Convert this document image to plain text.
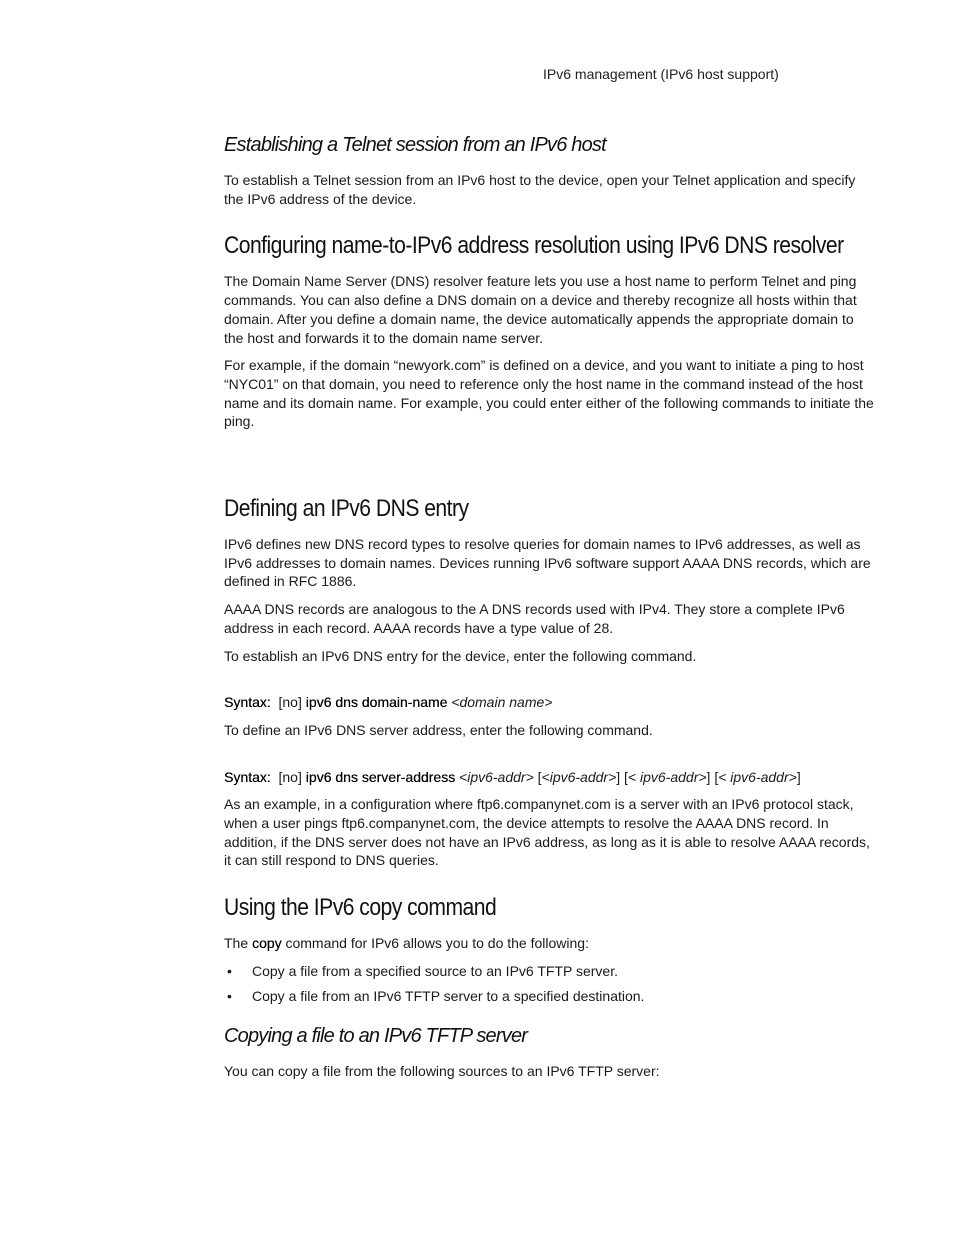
IPv6 management (IPv6 host support)
Establishing a Telnet session from an IPv6 host

To establish a Telnet session from an IPv6 host to the device, open your Telnet application and specify the IPv6 address of the device.

Configuring name-to-IPv6 address resolution using IPv6 DNS resolver

The Domain Name Server (DNS) resolver feature lets you use a host name to perform Telnet and ping commands. You can also define a DNS domain on a device and thereby recognize all hosts within that domain. After you define a domain name, the device automatically appends the appropriate domain to the host and forwards it to the domain name server.

For example, if the domain “newyork.com” is defined on a device, and you want to initiate a ping to host “NYC01” on that domain, you need to reference only the host name in the command instead of the host name and its domain name. For example, you could enter either of the following commands to initiate the ping.

Defining an IPv6 DNS entry

IPv6 defines new DNS record types to resolve queries for domain names to IPv6 addresses, as well as IPv6 addresses to domain names. Devices running IPv6 software support AAAA DNS records, which are defined in RFC 1886.

AAAA DNS records are analogous to the A DNS records used with IPv4. They store a complete IPv6 address in each record. AAAA records have a type value of 28.

To establish an IPv6 DNS entry for the device, enter the following command.

Syntax: [no] ipv6 dns domain-name <domain name>

To define an IPv6 DNS server address, enter the following command.

Syntax: [no] ipv6 dns server-address <ipv6-addr> [<ipv6-addr>] [< ipv6-addr>] [< ipv6-addr>]

As an example, in a configuration where ftp6.companynet.com is a server with an IPv6 protocol stack, when a user pings ftp6.companynet.com, the device attempts to resolve the AAAA DNS record. In addition, if the DNS server does not have an IPv6 address, as long as it is able to resolve AAAA records, it can still respond to DNS queries.

Using the IPv6 copy command

The copy command for IPv6 allows you to do the following:

• Copy a file from a specified source to an IPv6 TFTP server.
• Copy a file from an IPv6 TFTP server to a specified destination.
Copying a file to an IPv6 TFTP server

You can copy a file from the following sources to an IPv6 TFTP server:
